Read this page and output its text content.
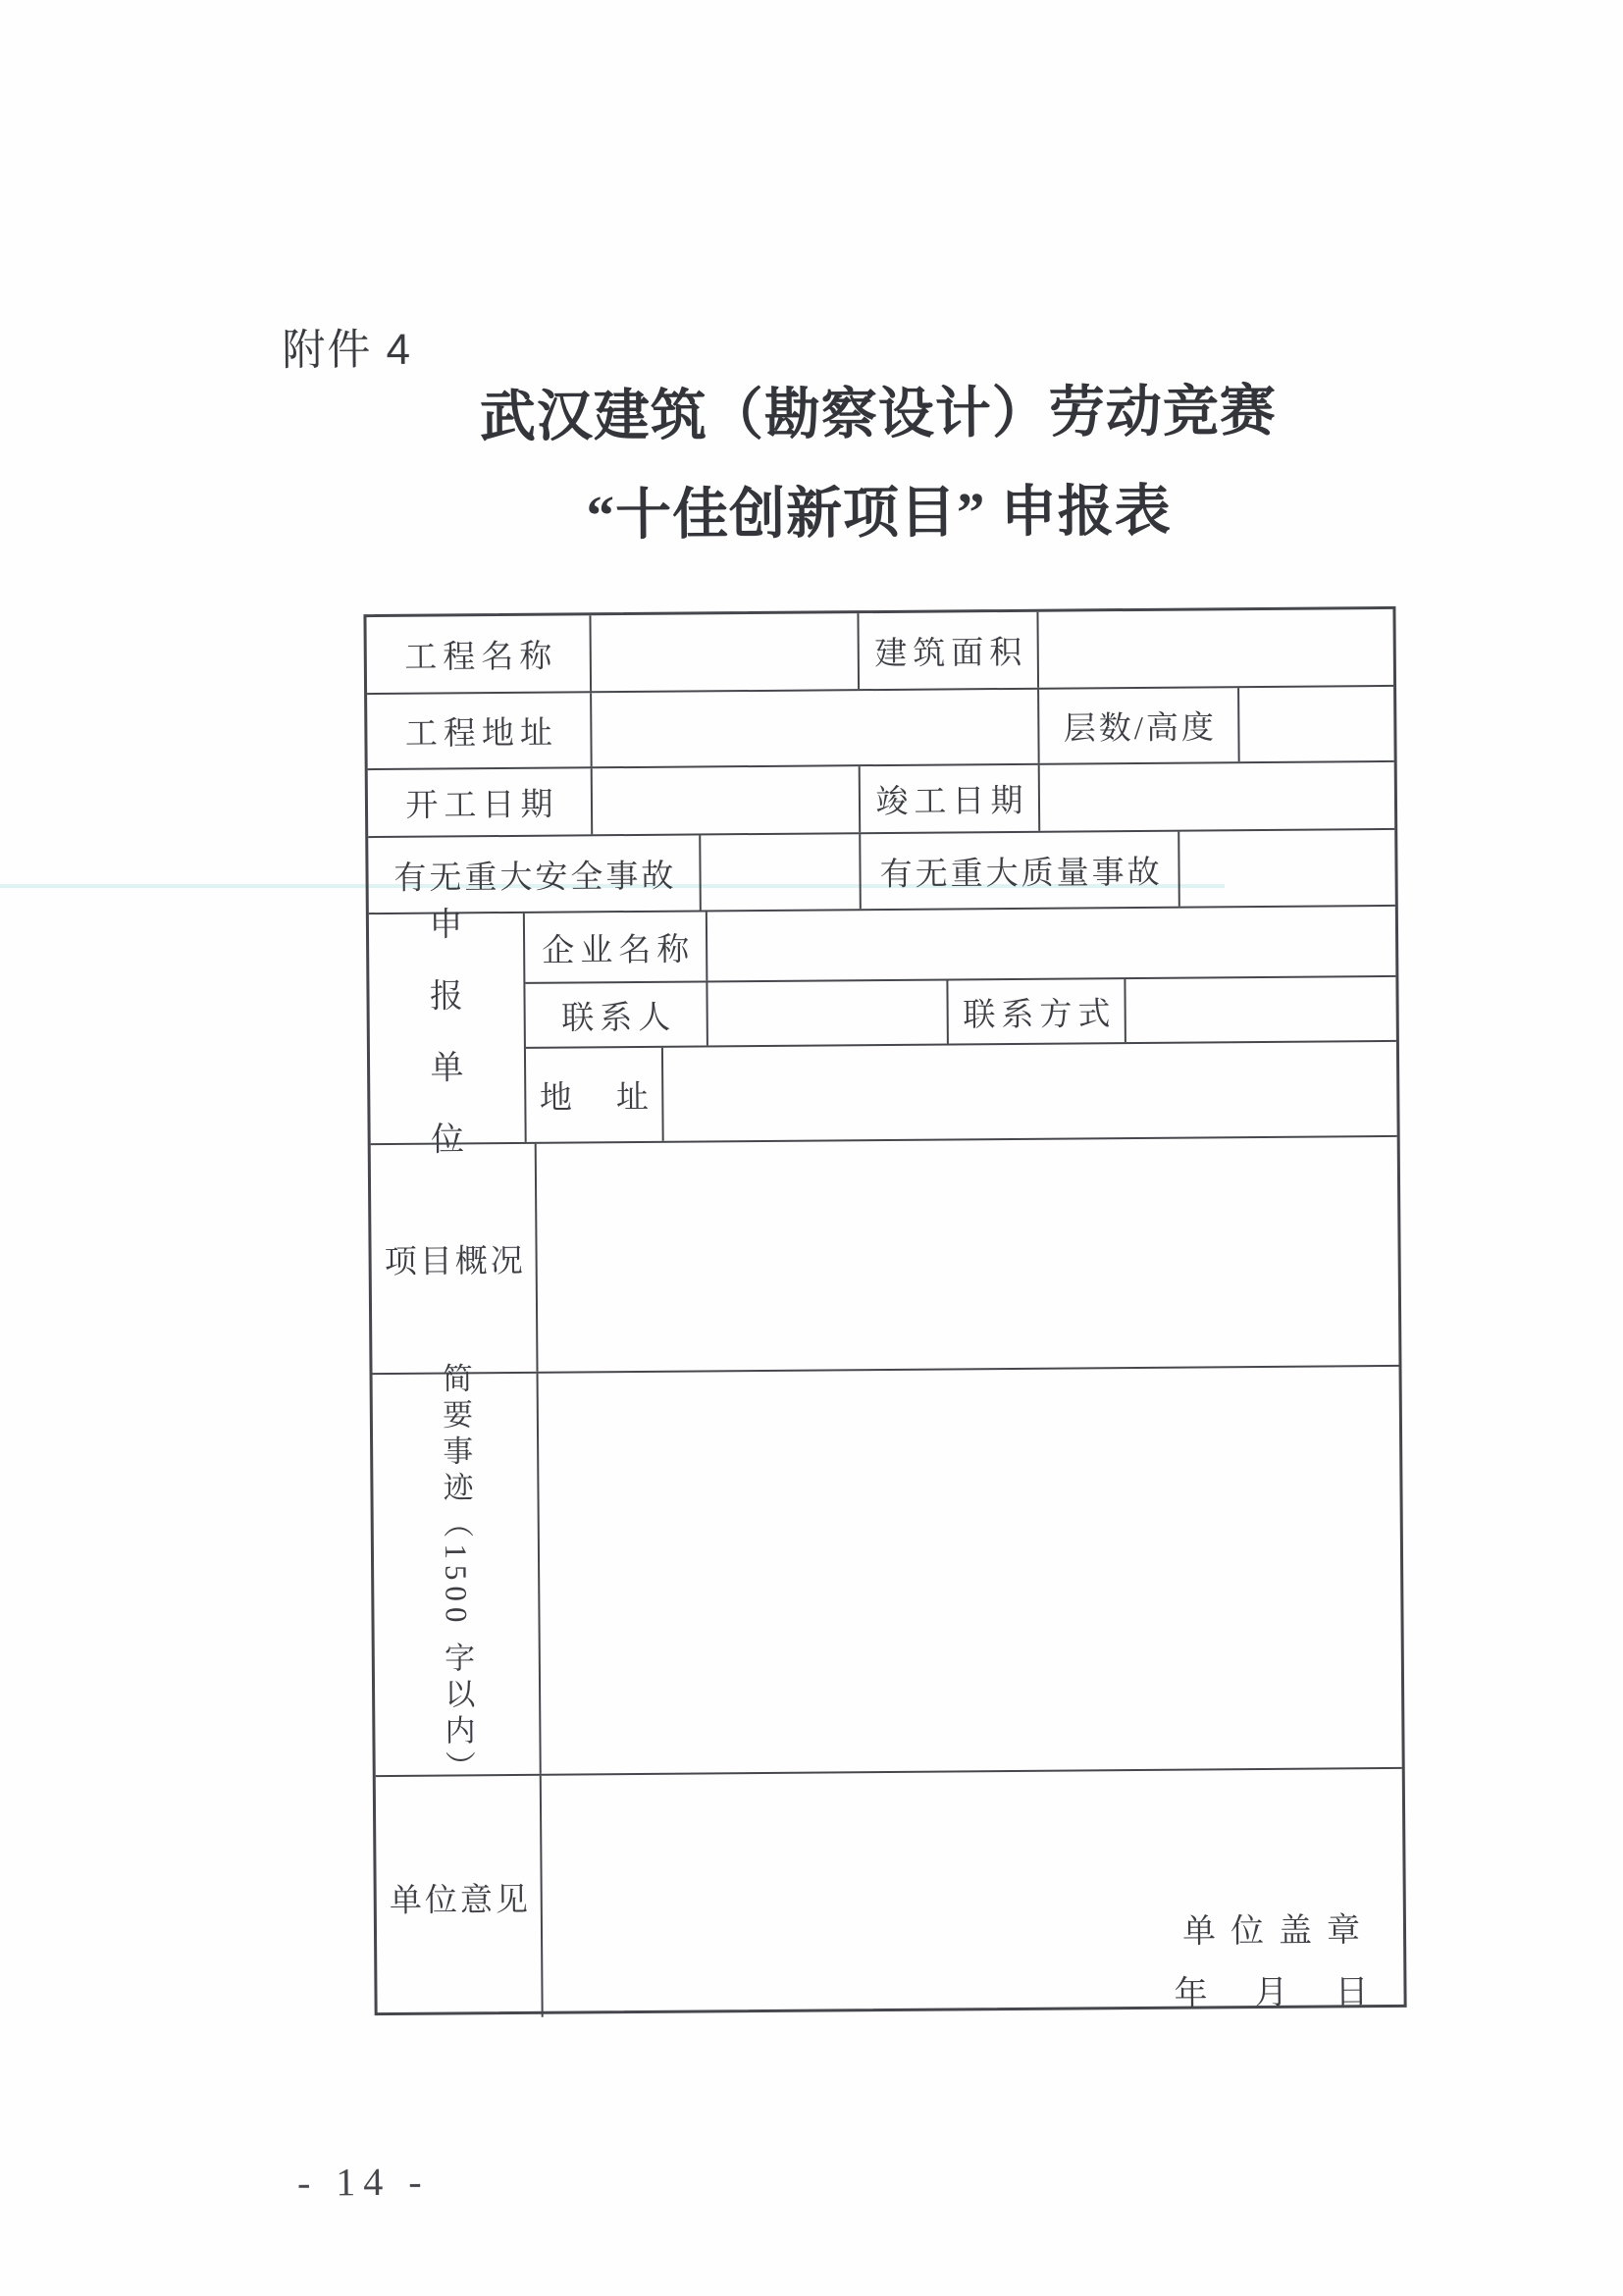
附件 4
武汉建筑（勘察设计）劳动竞赛
“十佳创新项目” 申报表
工程名称	建筑面积
工程地址	层数/高度
开工日期	竣工日期
有无重大安全事故	有无重大质量事故
申
报
单
位
企业名称
联系人	联系方式
地　址
项目概况
简要事迹（1500 字以内）
单位意见
单位盖章
年 月 日
- 14 -
